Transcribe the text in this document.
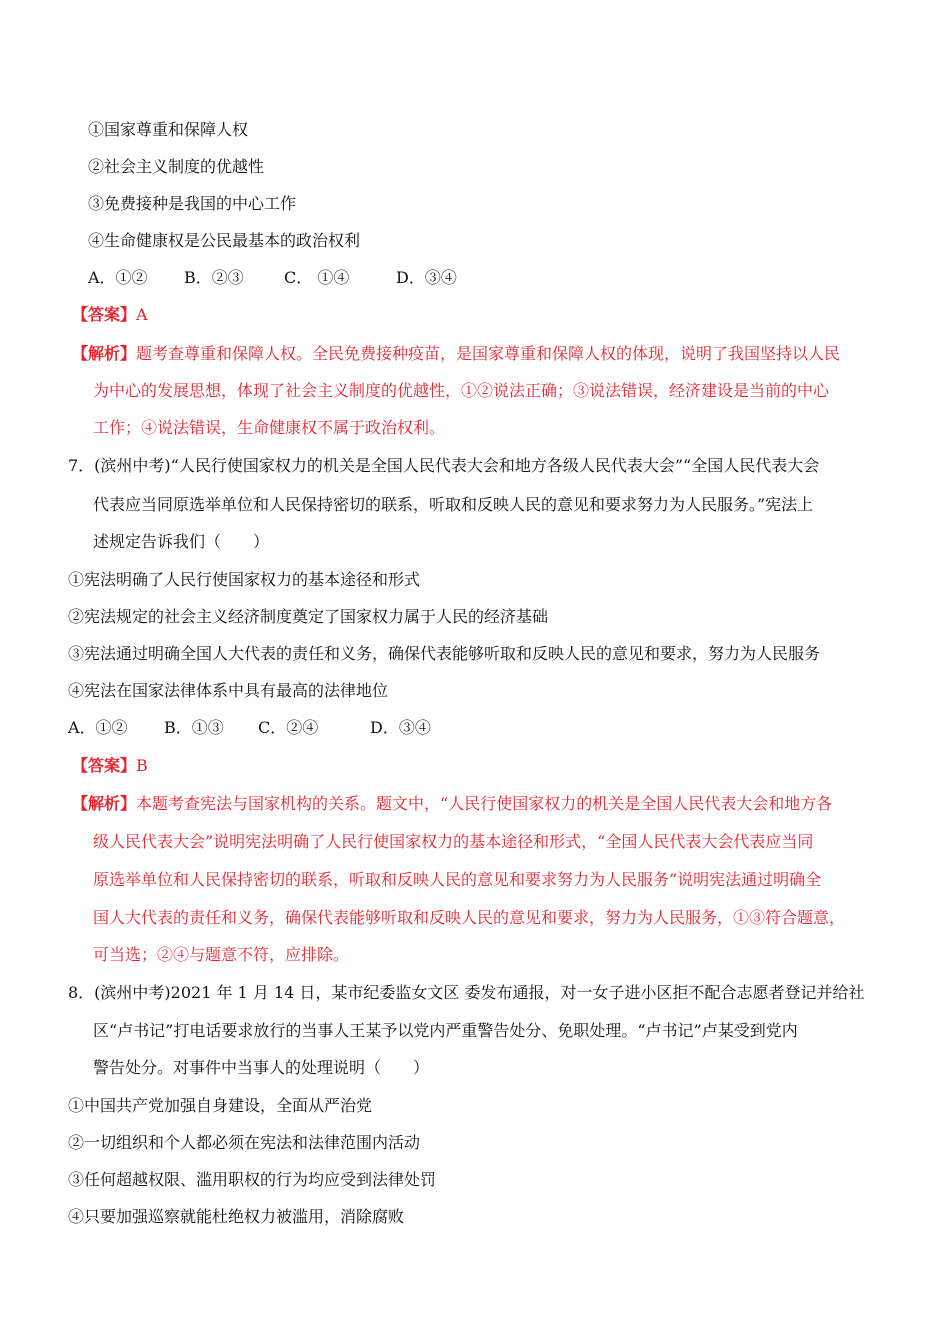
①国家尊重和保障人权
②社会主义制度的优越性
③免费接种是我国的中心工作
④生命健康权是公民最基本的政治权利
A．①② B．②③	C． ①④	D．③④
【答案】A
【解析】题考查尊重和保障人权。全民免费接种疫苗，是国家尊重和保障人权的体现，说明了我国坚持以人民
为中心的发展思想，体现了社会主义制度的优越性，①②说法正确；③说法错误，经济建设是当前的中心
工作；④说法错误，生命健康权不属于政治权利。
7．(滨州中考)“人民行使国家权力的机关是全国人民代表大会和地方各级人民代表大会”“全国人民代表大会
代表应当同原选举单位和人民保持密切的联系，听取和反映人民的意见和要求努力为人民服务。”宪法上
述规定告诉我们（　　）
①宪法明确了人民行使国家权力的基本途径和形式
②宪法规定的社会主义经济制度奠定了国家权力属于人民的经济基础
③宪法通过明确全国人大代表的责任和义务，确保代表能够听取和反映人民的意见和要求，努力为人民服务
④宪法在国家法律体系中具有最高的法律地位
A．①② B．①③ C．②④	D．③④
【答案】B
【解析】本题考查宪法与国家机构的关系。题文中，“人民行使国家权力的机关是全国人民代表大会和地方各
级人民代表大会”说明宪法明确了人民行使国家权力的基本途径和形式，“全国人民代表大会代表应当同
原选举单位和人民保持密切的联系，听取和反映人民的意见和要求努力为人民服务”说明宪法通过明确全
国人大代表的责任和义务，确保代表能够听取和反映人民的意见和要求，努力为人民服务，①③符合题意，
可当选；②④与题意不符，应排除。
8．(滨州中考)2021 年 1 月 14 日，某市纪委监女文区 委发布通报，对一女子进小区拒不配合志愿者登记并给社
区“卢书记”打电话要求放行的当事人王某予以党内严重警告处分、免职处理。“卢书记”卢某受到党内
警告处分。对事件中当事人的处理说明（　　）
①中国共产党加强自身建设，全面从严治党
②一切组织和个人都必须在宪法和法律范围内活动
③任何超越权限、滥用职权的行为均应受到法律处罚
④只要加强巡察就能杜绝权力被滥用，消除腐败
